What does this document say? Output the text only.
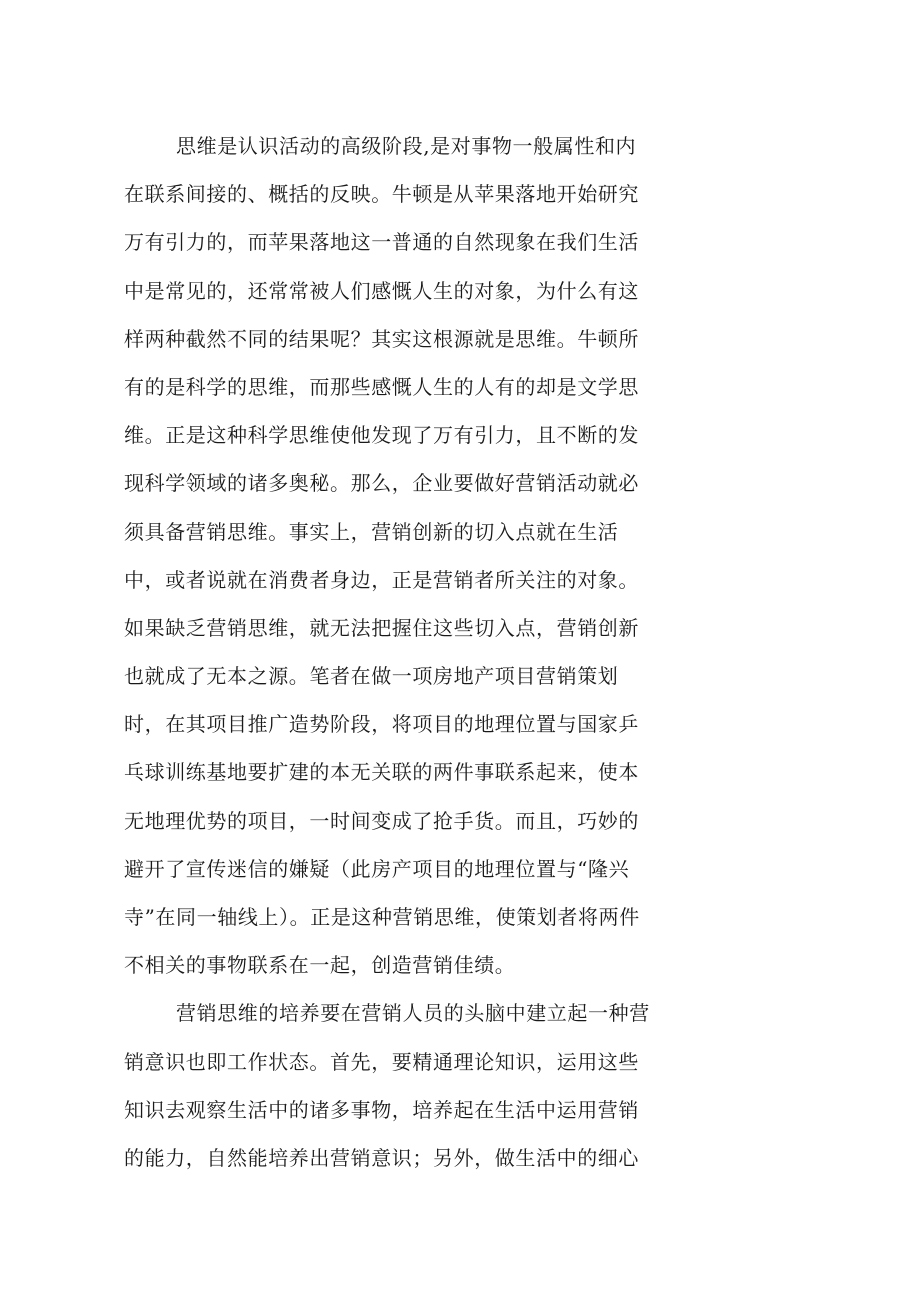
思维是认识活动的高级阶段,是对事物一般属性和内
在联系间接的、概括的反映。牛顿是从苹果落地开始研究
万有引力的，而苹果落地这一普通的自然现象在我们生活
中是常见的，还常常被人们感慨人生的对象，为什么有这
样两种截然不同的结果呢？其实这根源就是思维。牛顿所
有的是科学的思维，而那些感慨人生的人有的却是文学思
维。正是这种科学思维使他发现了万有引力，且不断的发
现科学领域的诸多奥秘。那么，企业要做好营销活动就必
须具备营销思维。事实上，营销创新的切入点就在生活
中，或者说就在消费者身边，正是营销者所关注的对象。
如果缺乏营销思维，就无法把握住这些切入点，营销创新
也就成了无本之源。笔者在做一项房地产项目营销策划
时，在其项目推广造势阶段，将项目的地理位置与国家乒
乓球训练基地要扩建的本无关联的两件事联系起来，使本
无地理优势的项目，一时间变成了抢手货。而且，巧妙的
避开了宣传迷信的嫌疑（此房产项目的地理位置与“隆兴
寺”在同一轴线上）。正是这种营销思维，使策划者将两件
不相关的事物联系在一起，创造营销佳绩。
营销思维的培养要在营销人员的头脑中建立起一种营
销意识也即工作状态。首先，要精通理论知识，运用这些
知识去观察生活中的诸多事物，培养起在生活中运用营销
的能力，自然能培养出营销意识；另外，做生活中的细心
